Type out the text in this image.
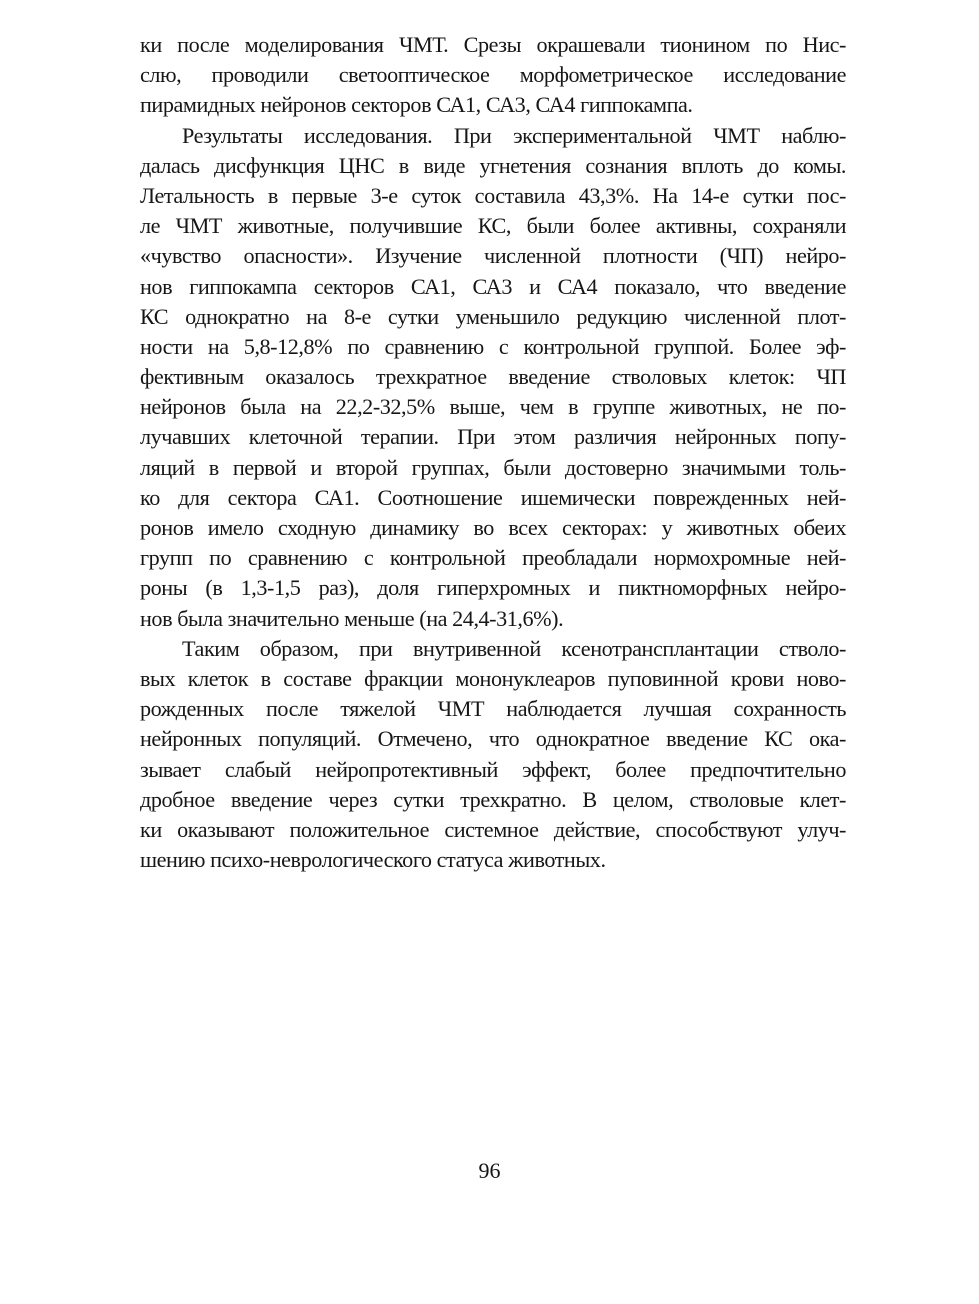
ки после моделирования ЧМТ. Срезы окрашевали тионином по Нис-
слю, проводили светооптическое морфометрическое исследование
пирамидных нейронов секторов СА1, СА3, СА4 гиппокампа.
Результаты исследования. При экспериментальной ЧМТ наблю-
далась дисфункция ЦНС в виде угнетения сознания вплоть до комы.
Летальность в первые 3-е суток составила 43,3%. На 14-е сутки пос-
ле ЧМТ животные, получившие КС, были более активны, сохраняли
«чувство опасности». Изучение численной плотности (ЧП) нейро-
нов гиппокампа секторов СА1, СА3 и СА4 показало, что введение
КС однократно на 8-е сутки уменьшило редукцию численной плот-
ности на 5,8-12,8% по сравнению с контрольной группой. Более эф-
фективным оказалось трехкратное введение стволовых клеток: ЧП
нейронов была на 22,2-32,5% выше, чем в группе животных, не по-
лучавших клеточной терапии. При этом различия нейронных попу-
ляций в первой и второй группах, были достоверно значимыми толь-
ко для сектора СА1. Соотношение ишемически поврежденных ней-
ронов имело сходную динамику во всех секторах: у животных обеих
групп по сравнению с контрольной преобладали нормохромные ней-
роны (в 1,3-1,5 раз), доля гиперхромных и пиктноморфных нейро-
нов была значительно меньше (на 24,4-31,6%).
Таким образом, при внутривенной ксенотрансплантации стволо-
вых клеток в составе фракции мононуклеаров пуповинной крови ново-
рожденных после тяжелой ЧМТ наблюдается лучшая сохранность
нейронных популяций. Отмечено, что однократное введение КС ока-
зывает слабый нейропротективный эффект, более предпочтительно
дробное введение через сутки трехкратно. В целом, стволовые клет-
ки оказывают положительное системное действие, способствуют улуч-
шению психо-неврологического статуса животных.
96
